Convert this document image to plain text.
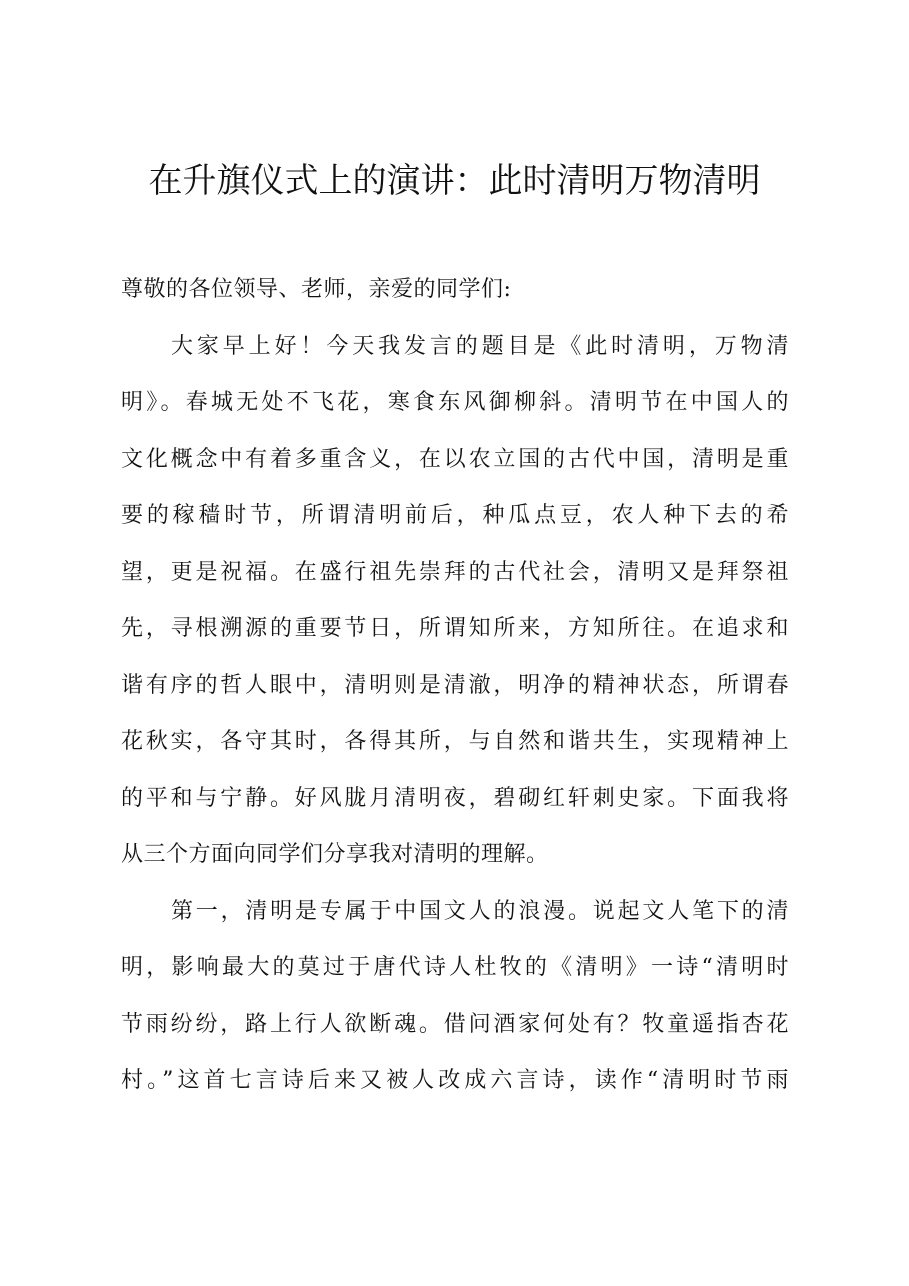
在升旗仪式上的演讲：此时清明万物清明
尊敬的各位领导、老师，亲爱的同学们:
大家早上好！今天我发言的题目是《此时清明，万物清
明》。春城无处不飞花，寒食东风御柳斜。清明节在中国人的
文化概念中有着多重含义，在以农立国的古代中国，清明是重
要的稼穑时节，所谓清明前后，种瓜点豆，农人种下去的希
望，更是祝福。在盛行祖先崇拜的古代社会，清明又是拜祭祖
先，寻根溯源的重要节日，所谓知所来，方知所往。在追求和
谐有序的哲人眼中，清明则是清澈，明净的精神状态，所谓春
花秋实，各守其时，各得其所，与自然和谐共生，实现精神上
的平和与宁静。好风胧月清明夜，碧砌红轩刺史家。下面我将
从三个方面向同学们分享我对清明的理解。
第一，清明是专属于中国文人的浪漫。说起文人笔下的清
明，影响最大的莫过于唐代诗人杜牧的《清明》一诗“清明时
节雨纷纷，路上行人欲断魂。借问酒家何处有？牧童遥指杏花
村。”这首七言诗后来又被人改成六言诗，读作“清明时节雨
